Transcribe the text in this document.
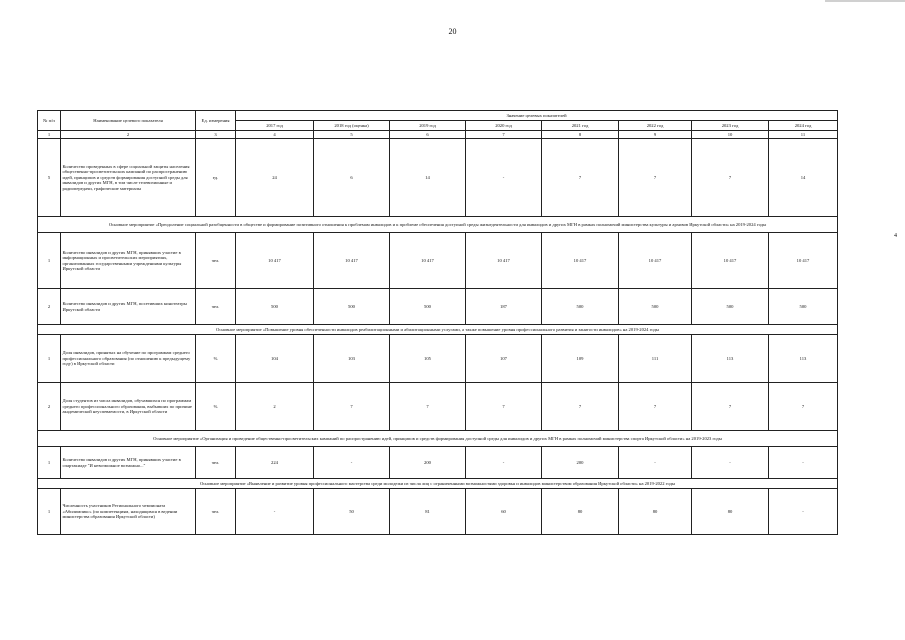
20
4
№ п/п	Наименование целевого показателя	Ед. измерения	Значение целевых показателей							
			2017 год	2018 год (оценка)	2019 год	2020 год	2021 год	2022 год	2023 год	2024 год
1	2	3	4	5	6	7	8	9	10	11
5	Количество проведенных в сфере социальной защиты населения общественно-просветительских кампаний по распространению идей, принципов и средств формирования доступной среды для инвалидов и других МГН, в том числе телевизионные и радиопередачи, графические материалы	ед.	24	6	14	-	7	7	7	14
Основное мероприятие «Преодоление социальной разобщенности в обществе и формирование позитивного отношения к проблемам инвалидов и к проблеме обеспечения доступной среды жизнедеятельности для инвалидов и других МГН в рамках полномочий министерства культуры и архивов Иркутской области» на 2019-2024 годы										
1	Количество инвалидов и других МГН, принявших участие в информационных и просветительских мероприятиях, организованных государственными учреждениями культуры Иркутской области	чел.	10 417	10 417	10 417	10 417	10 417	10 417	10 417	10 417
2	Количество инвалидов и других МГН, посетивших кинотеатры Иркутской области	чел.	500	500	500	187	500	500	500	500
Основное мероприятие «Повышение уровня обеспеченности инвалидов реабилитационными и абилитационными услугами, а также повышение уровня профессионального развития и занятости инвалидов» на 2019-2024 годы										
1	Доля инвалидов, принятых на обучение по программам среднего профессионального образования (по отношению к предыдущему году) в Иркутской области	%	104	103	105	107	109	111	113	113
2	Доля студентов из числа инвалидов, обучавшихся по программам среднего профессионального образования, выбывших по причине академической неуспеваемости, в Иркутской области	%	2	7	7	7	7	7	7	7
Основное мероприятие «Организация и проведение общественно-просветительских кампаний по распространению идей, принципов и средств формирования доступной среды для инвалидов и других МГН в рамках полномочий министерства спорта Иркутской области» на 2019-2023 годы										
1	Количество инвалидов и других МГН, принявших участие в спартакиаде "И невозможное возможно..."	чел.	224	-	200	-	200	-	-	-
Основное мероприятие «Выявление и развитие уровня профессионального мастерства среди молодежи из числа лиц с ограниченными возможностями здоровья и инвалидов министерством образования Иркутской области» на 2019-2022 годы										
1	Численность участников Регионального чемпионата «Абилимпикс» (по компетенциям, находящимся в ведении министерства образования Иркутской области)	чел.	-	50	81	60	80	80	80	-
